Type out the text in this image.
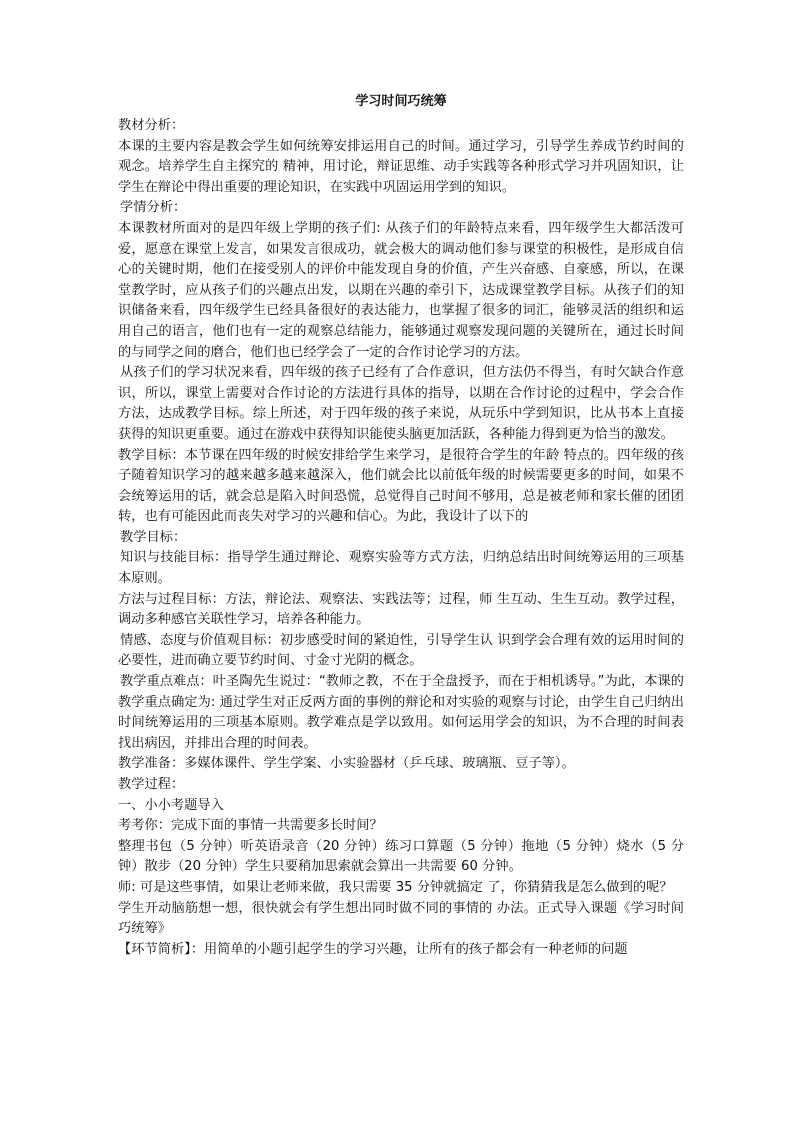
学习时间巧统筹

教材分析：

本课的主要内容是教会学生如何统筹安排运用自己的时间。通过学习，引导学生养成节约时间的观念。培养学生自主探究的 精神，用讨论，辩证思维、动手实践等各种形式学习并巩固知识，让学生在辩论中得出重要的理论知识，在实践中巩固运用学到的知识。

学情分析：

本课教材所面对的是四年级上学期的孩子们: 从孩子们的年龄特点来看，四年级学生大都活泼可爱，愿意在课堂上发言，如果发言很成功，就会极大的调动他们参与课堂的积极性，是形成自信心的关键时期，他们在接受别人的评价中能发现自身的价值，产生兴奋感、自豪感，所以，在课堂教学时，应从孩子们的兴趣点出发，以期在兴趣的牵引下，达成课堂教学目标。从孩子们的知识储备来看，四年级学生已经具备很好的表达能力，也掌握了很多的词汇，能够灵活的组织和运用自己的语言，他们也有一定的观察总结能力，能够通过观察发现问题的关键所在，通过长时间的与同学之间的磨合，他们也已经学会了一定的合作讨论学习的方法。

从孩子们的学习状况来看，四年级的孩子已经有了合作意识，但方法仍不得当，有时欠缺合作意识，所以，课堂上需要对合作讨论的方法进行具体的指导，以期在合作讨论的过程中，学会合作方法，达成教学目标。综上所述，对于四年级的孩子来说，从玩乐中学到知识，比从书本上直接获得的知识更重要。通过在游戏中获得知识能使头脑更加活跃，各种能力得到更为恰当的激发。

教学目标：本节课在四年级的时候安排给学生来学习，是很符合学生的年龄 特点的。四年级的孩子随着知识学习的越来越多越来越深入，他们就会比以前低年级的时候需要更多的时间，如果不会统筹运用的话，就会总是陷入时间恐慌，总觉得自己时间不够用，总是被老师和家长催的团团转，也有可能因此而丧失对学习的兴趣和信心。为此，我设计了以下的

教学目标：

知识与技能目标：指导学生通过辩论、观察实验等方式方法，归纳总结出时间统筹运用的三项基本原则。

方法与过程目标：方法，辩论法、观察法、实践法等；过程，师 生互动、生生互动。教学过程，调动多种感官关联性学习，培养各种能力。

情感、态度与价值观目标：初步感受时间的紧迫性，引导学生认 识到学会合理有效的运用时间的必要性，进而确立要节约时间、寸金寸光阴的概念。

教学重点难点：叶圣陶先生说过：“教师之教，不在于全盘授予，而在于相机诱导。”为此，本课的教学重点确定为: 通过学生对正反两方面的事例的辩论和对实验的观察与讨论，由学生自己归纳出时间统筹运用的三项基本原则。教学难点是学以致用。如何运用学会的知识，为不合理的时间表找出病因，并排出合理的时间表。

教学准备：多媒体课件、学生学案、小实验器材（乒乓球、玻璃瓶、豆子等）。

教学过程：

一、小小考题导入

考考你：完成下面的事情一共需要多长时间？

整理书包（5 分钟）听英语录音（20 分钟）练习口算题（5 分钟）拖地（5 分钟）烧水（5 分钟）散步（20 分钟）学生只要稍加思索就会算出一共需要 60 分钟。

师: 可是这些事情，如果让老师来做，我只需要 35 分钟就搞定 了，你猜猜我是怎么做到的呢？

学生开动脑筋想一想，很快就会有学生想出同时做不同的事情的 办法。正式导入课题《学习时间巧统筹》

【环节简析】：用简单的小题引起学生的学习兴趣，让所有的孩子都会有一种老师的问题
